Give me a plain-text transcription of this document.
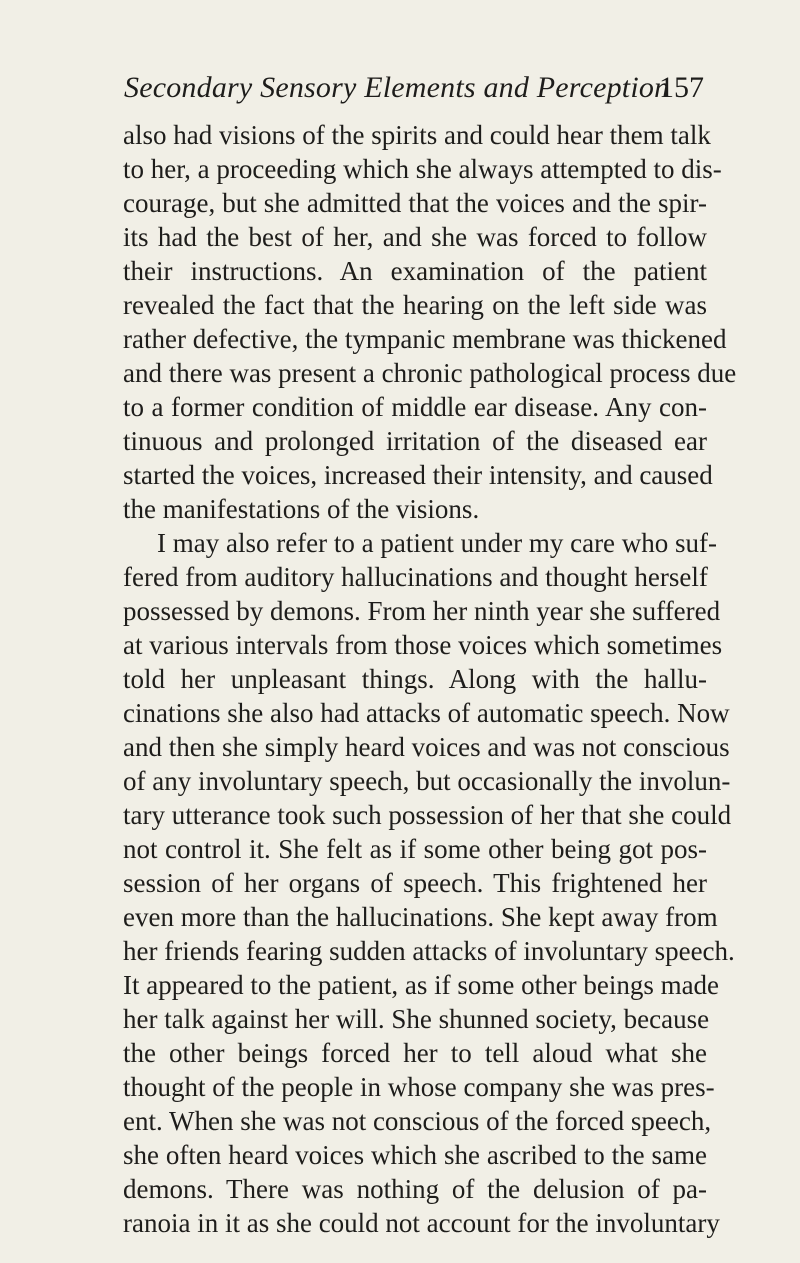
Secondary Sensory Elements and Perception
157
also had visions of the spirits and could hear them talk
to her, a proceeding which she always attempted to dis-
courage, but she admitted that the voices and the spir-
its had the best of her, and she was forced to follow
their instructions. An examination of the patient
revealed the fact that the hearing on the left side was
rather defective, the tympanic membrane was thickened
and there was present a chronic pathological process due
to a former condition of middle ear disease. Any con-
tinuous and prolonged irritation of the diseased ear
started the voices, increased their intensity, and caused
the manifestations of the visions.
I may also refer to a patient under my care who suf-
fered from auditory hallucinations and thought herself
possessed by demons. From her ninth year she suffered
at various intervals from those voices which sometimes
told her unpleasant things. Along with the hallu-
cinations she also had attacks of automatic speech. Now
and then she simply heard voices and was not conscious
of any involuntary speech, but occasionally the involun-
tary utterance took such possession of her that she could
not control it. She felt as if some other being got pos-
session of her organs of speech. This frightened her
even more than the hallucinations. She kept away from
her friends fearing sudden attacks of involuntary speech.
It appeared to the patient, as if some other beings made
her talk against her will. She shunned society, because
the other beings forced her to tell aloud what she
thought of the people in whose company she was pres-
ent. When she was not conscious of the forced speech,
she often heard voices which she ascribed to the same
demons. There was nothing of the delusion of pa-
ranoia in it as she could not account for the involuntary
